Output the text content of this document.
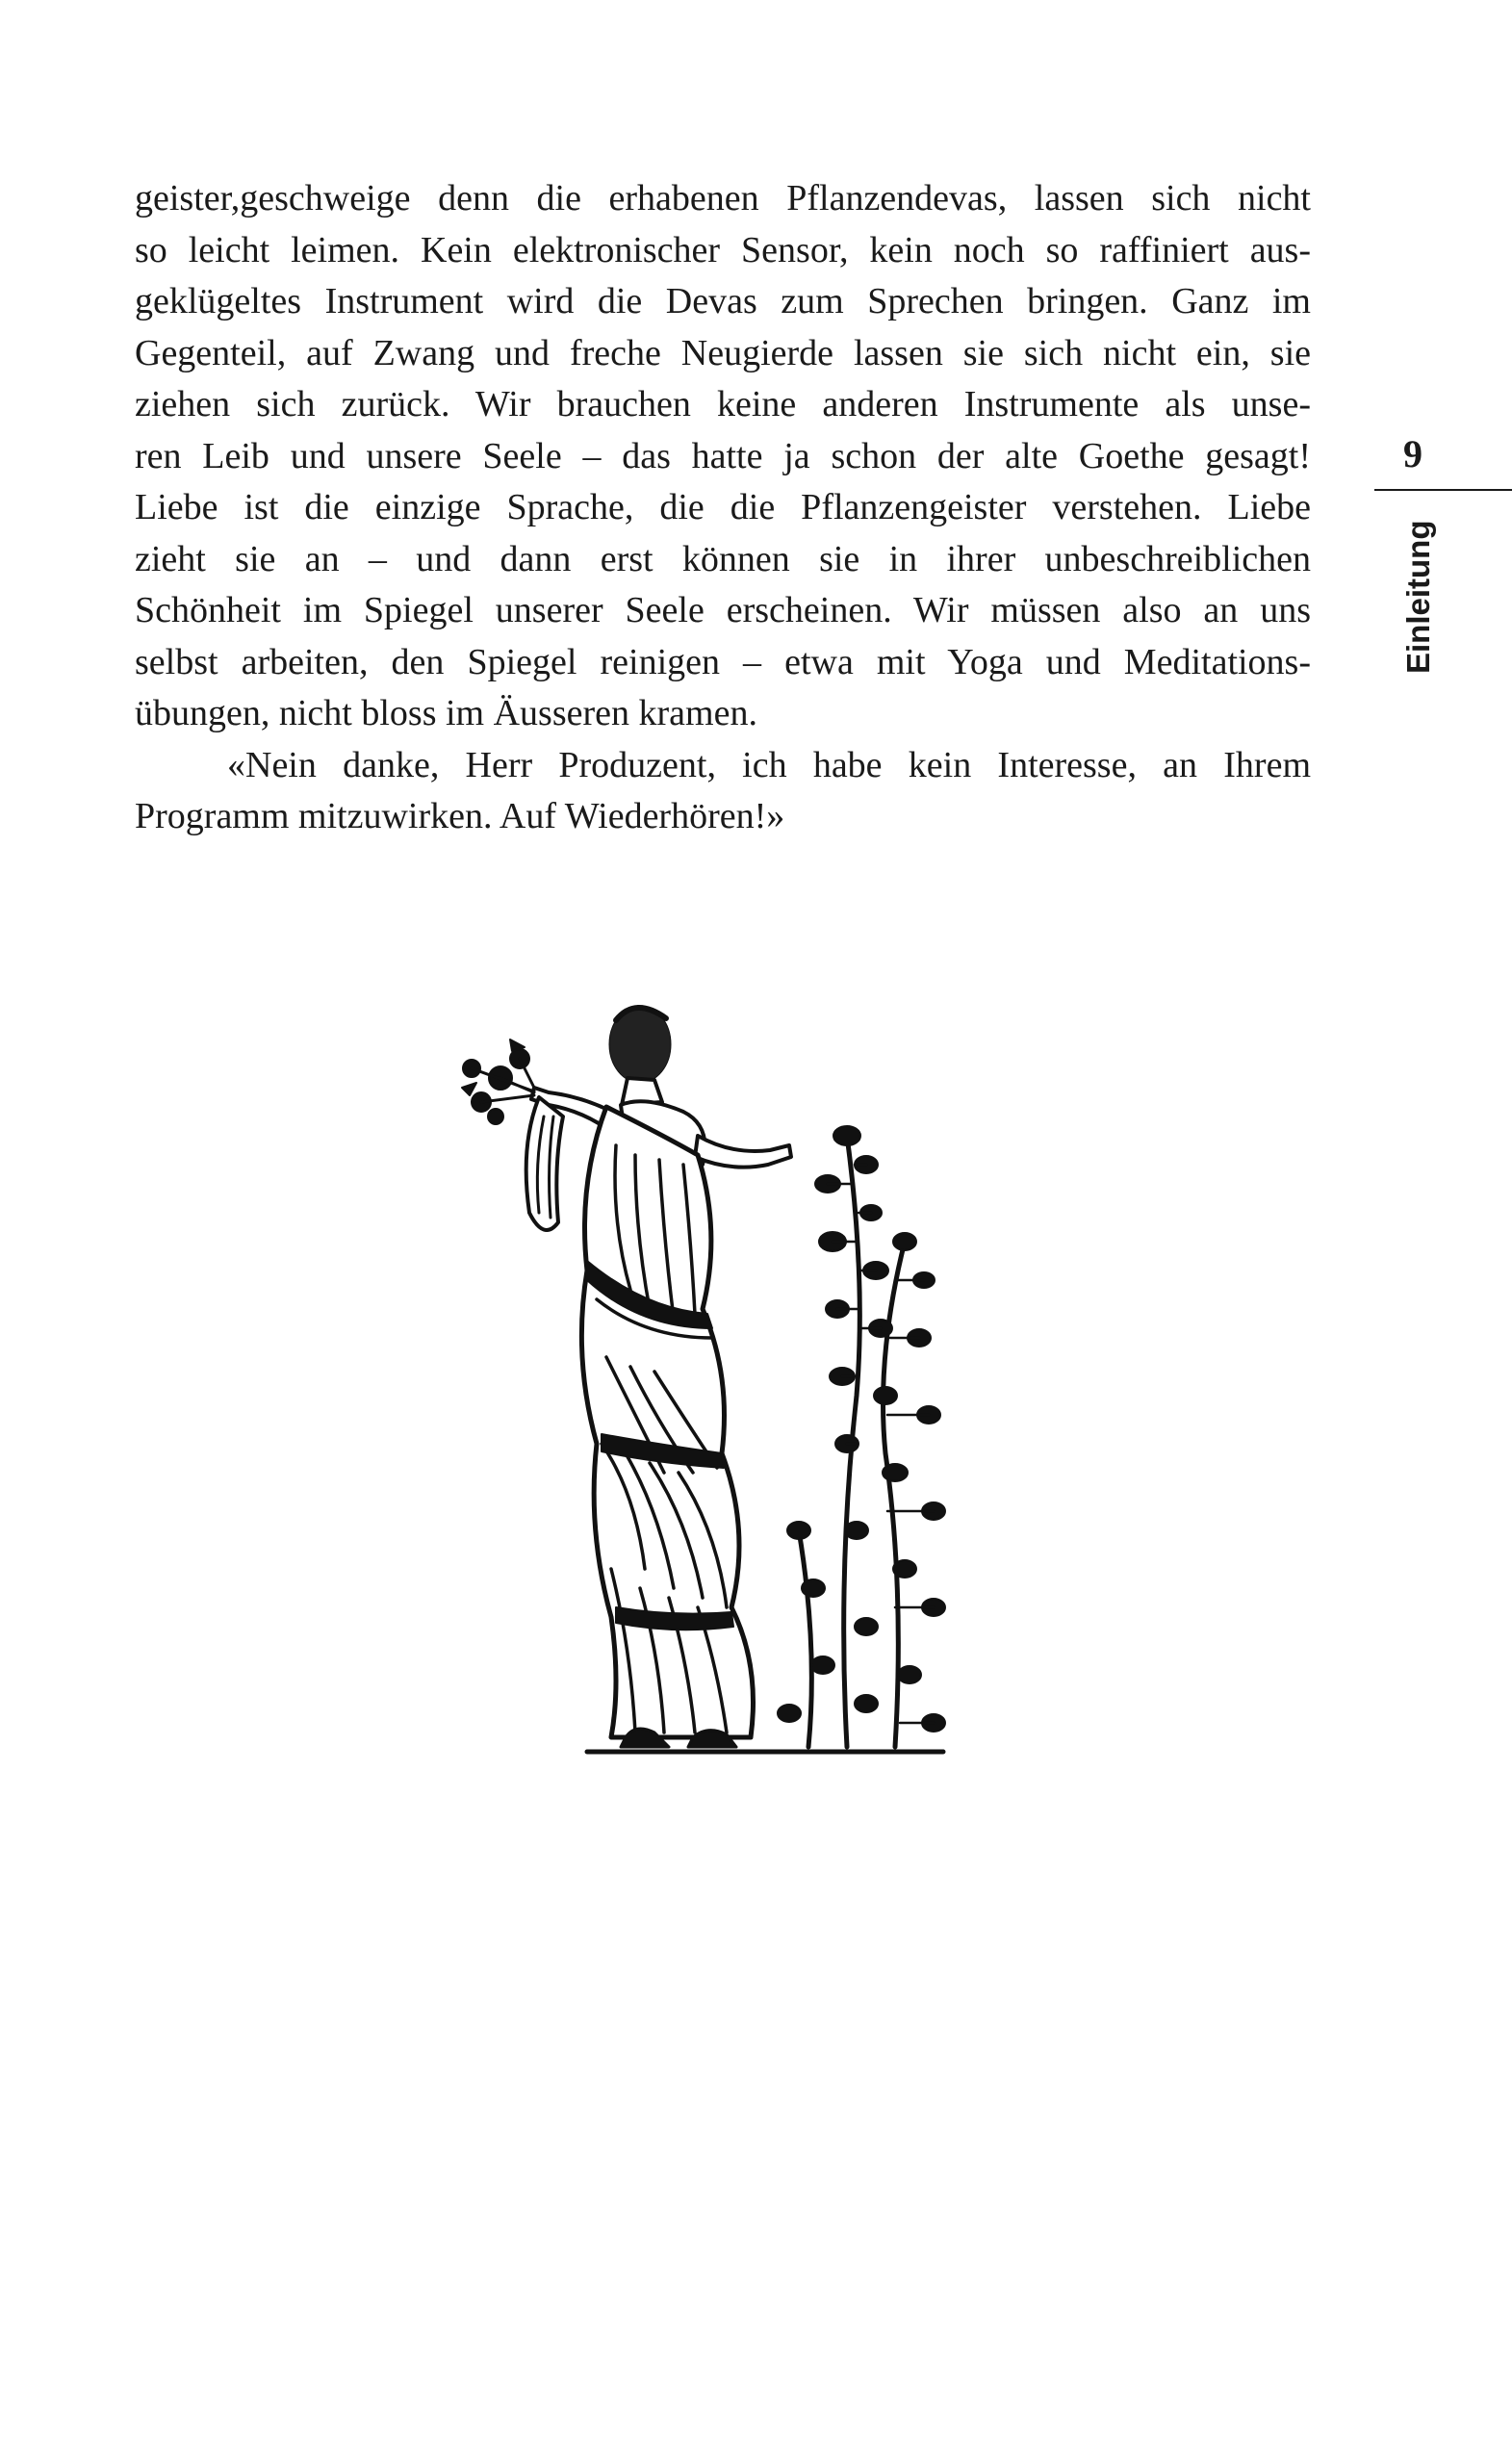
geister,geschweige denn die erhabenen Pflanzendevas, lassen sich nicht
so leicht leimen. Kein elektronischer Sensor, kein noch so raffiniert aus-
geklügeltes Instrument wird die Devas zum Sprechen bringen. Ganz im
Gegenteil, auf Zwang und freche Neugierde lassen sie sich nicht ein, sie
ziehen sich zurück. Wir brauchen keine anderen Instrumente als unse-
ren Leib und unsere Seele – das hatte ja schon der alte Goethe gesagt!
Liebe ist die einzige Sprache, die die Pflanzengeister verstehen. Liebe
zieht sie an – und dann erst können sie in ihrer unbeschreiblichen
Schönheit im Spiegel unserer Seele erscheinen. Wir müssen also an uns
selbst arbeiten, den Spiegel reinigen – etwa mit Yoga und Meditations-
übungen, nicht bloss im Äusseren kramen.
«Nein danke, Herr Produzent, ich habe kein Interesse, an Ihrem
Programm mitzuwirken. Auf Wiederhören!»
9
Einleitung
